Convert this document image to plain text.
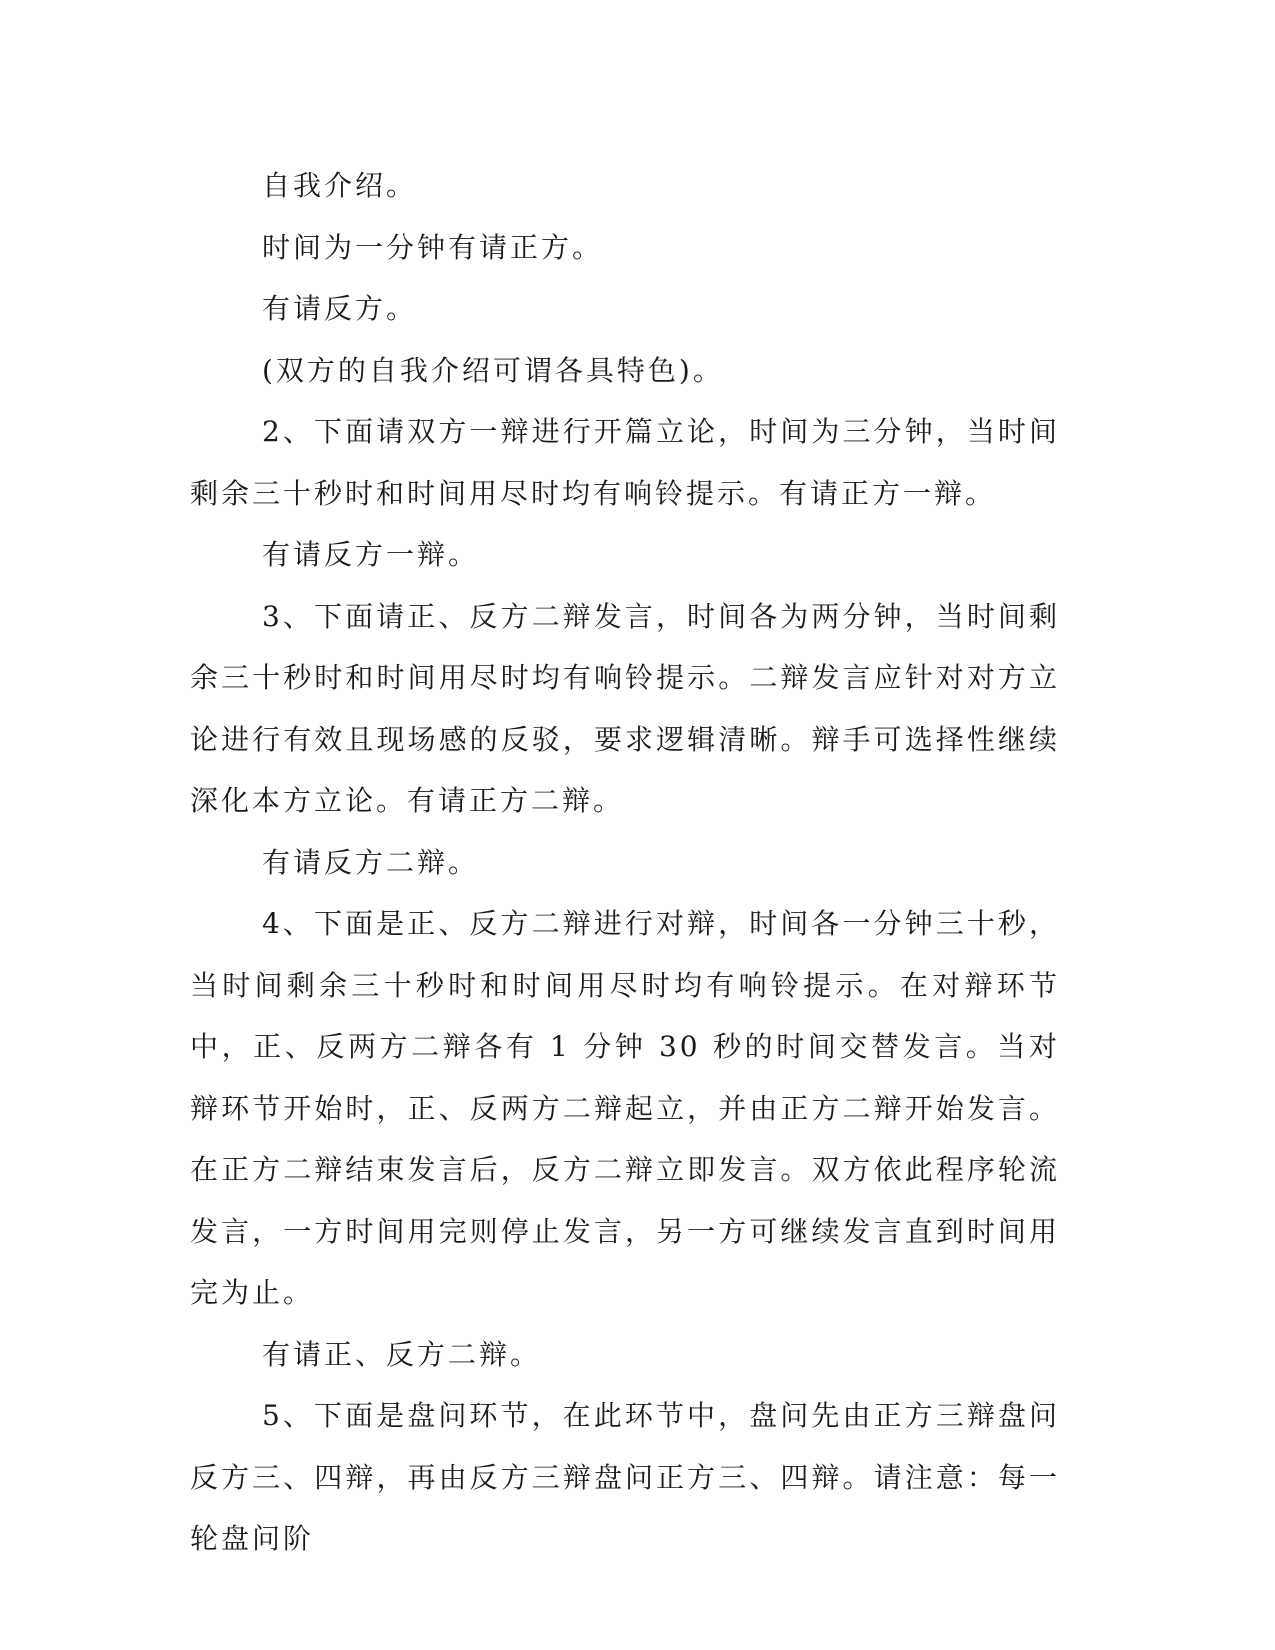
自我介绍。

时间为一分钟有请正方。

有请反方。

(双方的自我介绍可谓各具特色)。

2、下面请双方一辩进行开篇立论，时间为三分钟，当时间剩余三十秒时和时间用尽时均有响铃提示。有请正方一辩。

有请反方一辩。

3、下面请正、反方二辩发言，时间各为两分钟，当时间剩余三十秒时和时间用尽时均有响铃提示。二辩发言应针对对方立论进行有效且现场感的反驳，要求逻辑清晰。辩手可选择性继续深化本方立论。有请正方二辩。

有请反方二辩。

4、下面是正、反方二辩进行对辩，时间各一分钟三十秒，当时间剩余三十秒时和时间用尽时均有响铃提示。在对辩环节中，正、反两方二辩各有 1 分钟 30 秒的时间交替发言。当对辩环节开始时，正、反两方二辩起立，并由正方二辩开始发言。在正方二辩结束发言后，反方二辩立即发言。双方依此程序轮流发言，一方时间用完则停止发言，另一方可继续发言直到时间用完为止。

有请正、反方二辩。

5、下面是盘问环节，在此环节中，盘问先由正方三辩盘问反方三、四辩，再由反方三辩盘问正方三、四辩。请注意：每一轮盘问阶
